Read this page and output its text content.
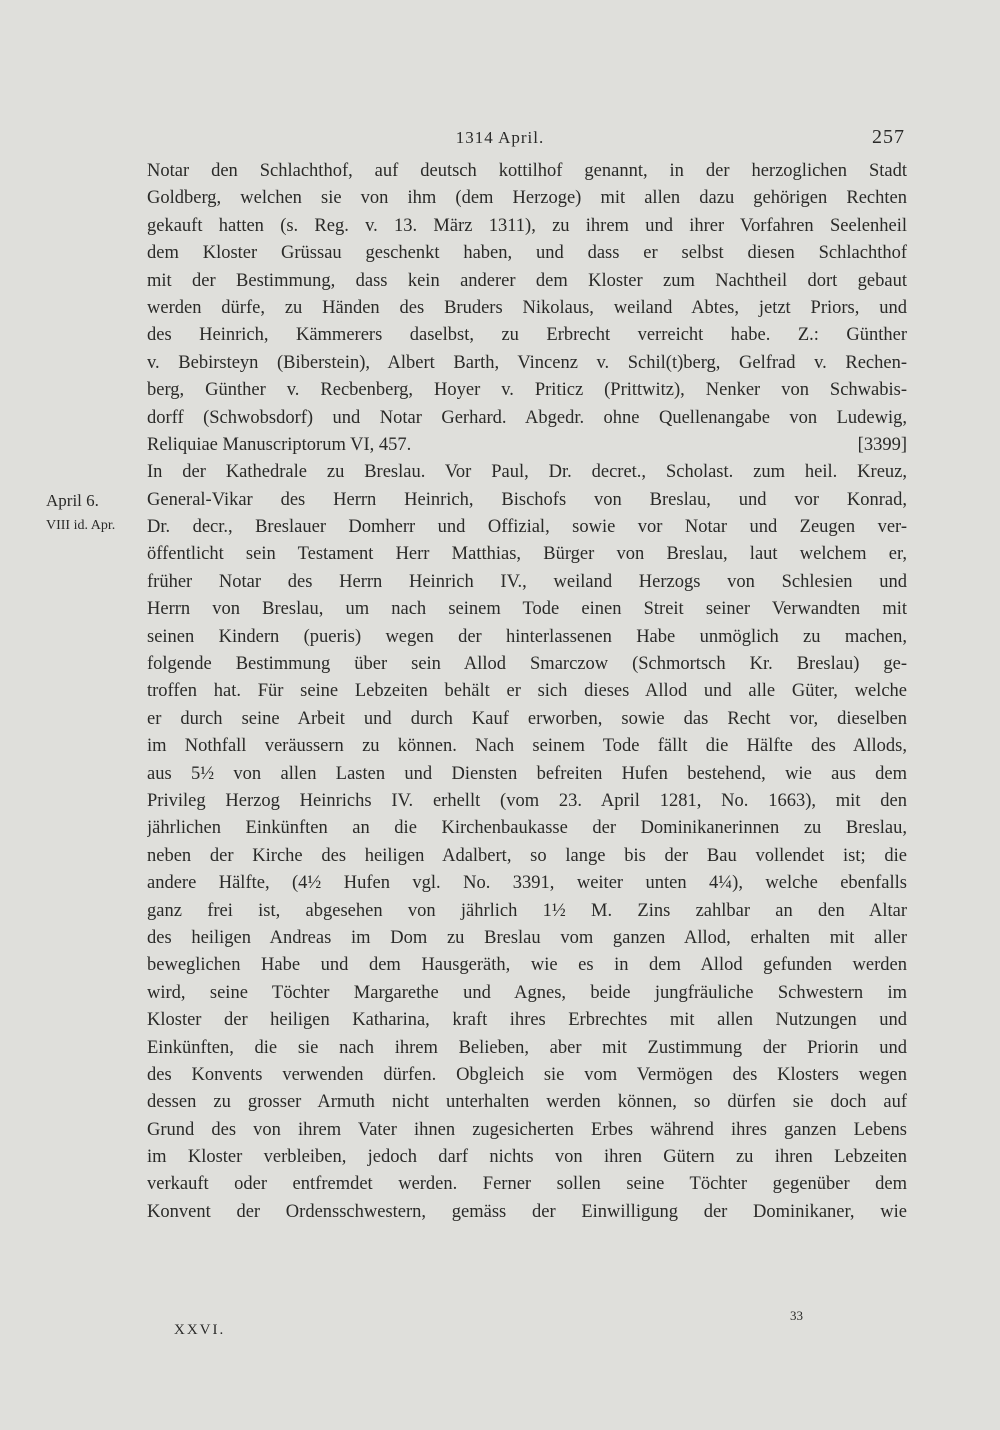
1314 April.	257
Notar den Schlachthof, auf deutsch kottilhof genannt, in der herzoglichen Stadt
Goldberg, welchen sie von ihm (dem Herzoge) mit allen dazu gehörigen Rechten
gekauft hatten (s. Reg. v. 13. März 1311), zu ihrem und ihrer Vorfahren Seelenheil
dem Kloster Grüssau geschenkt haben, und dass er selbst diesen Schlachthof
mit der Bestimmung, dass kein anderer dem Kloster zum Nachtheil dort gebaut
werden dürfe, zu Händen des Bruders Nikolaus, weiland Abtes, jetzt Priors, und
des Heinrich, Kämmerers daselbst, zu Erbrecht verreicht habe. Z.: Günther
v. Bebirsteyn (Biberstein), Albert Barth, Vincenz v. Schil(t)berg, Gelfrad v. Rechen-
berg, Günther v. Recbenberg, Hoyer v. Priticz (Prittwitz), Nenker von Schwabis-
dorff (Schwobsdorf) und Notar Gerhard. Abgedr. ohne Quellenangabe von Ludewig,
Reliquiae Manuscriptorum VI, 457.	[3399]
In der Kathedrale zu Breslau. Vor Paul, Dr. decret., Scholast. zum heil. Kreuz,
General-Vikar des Herrn Heinrich, Bischofs von Breslau, und vor Konrad,
Dr. decr., Breslauer Domherr und Offizial, sowie vor Notar und Zeugen ver-
öffentlicht sein Testament Herr Matthias, Bürger von Breslau, laut welchem er,
früher Notar des Herrn Heinrich IV., weiland Herzogs von Schlesien und
Herrn von Breslau, um nach seinem Tode einen Streit seiner Verwandten mit
seinen Kindern (pueris) wegen der hinterlassenen Habe unmöglich zu machen,
folgende Bestimmung über sein Allod Smarczow (Schmortsch Kr. Breslau) ge-
troffen hat. Für seine Lebzeiten behält er sich dieses Allod und alle Güter, welche
er durch seine Arbeit und durch Kauf erworben, sowie das Recht vor, dieselben
im Nothfall veräussern zu können. Nach seinem Tode fällt die Hälfte des Allods,
aus 5½ von allen Lasten und Diensten befreiten Hufen bestehend, wie aus dem
Privileg Herzog Heinrichs IV. erhellt (vom 23. April 1281, No. 1663), mit den
jährlichen Einkünften an die Kirchenbaukasse der Dominikanerinnen zu Breslau,
neben der Kirche des heiligen Adalbert, so lange bis der Bau vollendet ist; die
andere Hälfte, (4½ Hufen vgl. No. 3391, weiter unten 4¼), welche ebenfalls
ganz frei ist, abgesehen von jährlich 1½ M. Zins zahlbar an den Altar
des heiligen Andreas im Dom zu Breslau vom ganzen Allod, erhalten mit aller
beweglichen Habe und dem Hausgeräth, wie es in dem Allod gefunden werden
wird, seine Töchter Margarethe und Agnes, beide jungfräuliche Schwestern im
Kloster der heiligen Katharina, kraft ihres Erbrechtes mit allen Nutzungen und
Einkünften, die sie nach ihrem Belieben, aber mit Zustimmung der Priorin und
des Konvents verwenden dürfen. Obgleich sie vom Vermögen des Klosters wegen
dessen zu grosser Armuth nicht unterhalten werden können, so dürfen sie doch auf
Grund des von ihrem Vater ihnen zugesicherten Erbes während ihres ganzen Lebens
im Kloster verbleiben, jedoch darf nichts von ihren Gütern zu ihren Lebzeiten
verkauft oder entfremdet werden. Ferner sollen seine Töchter gegenüber dem
Konvent der Ordensschwestern, gemäss der Einwilligung der Dominikaner, wie
April 6.
VIII id. Apr.
XXVI.
33
